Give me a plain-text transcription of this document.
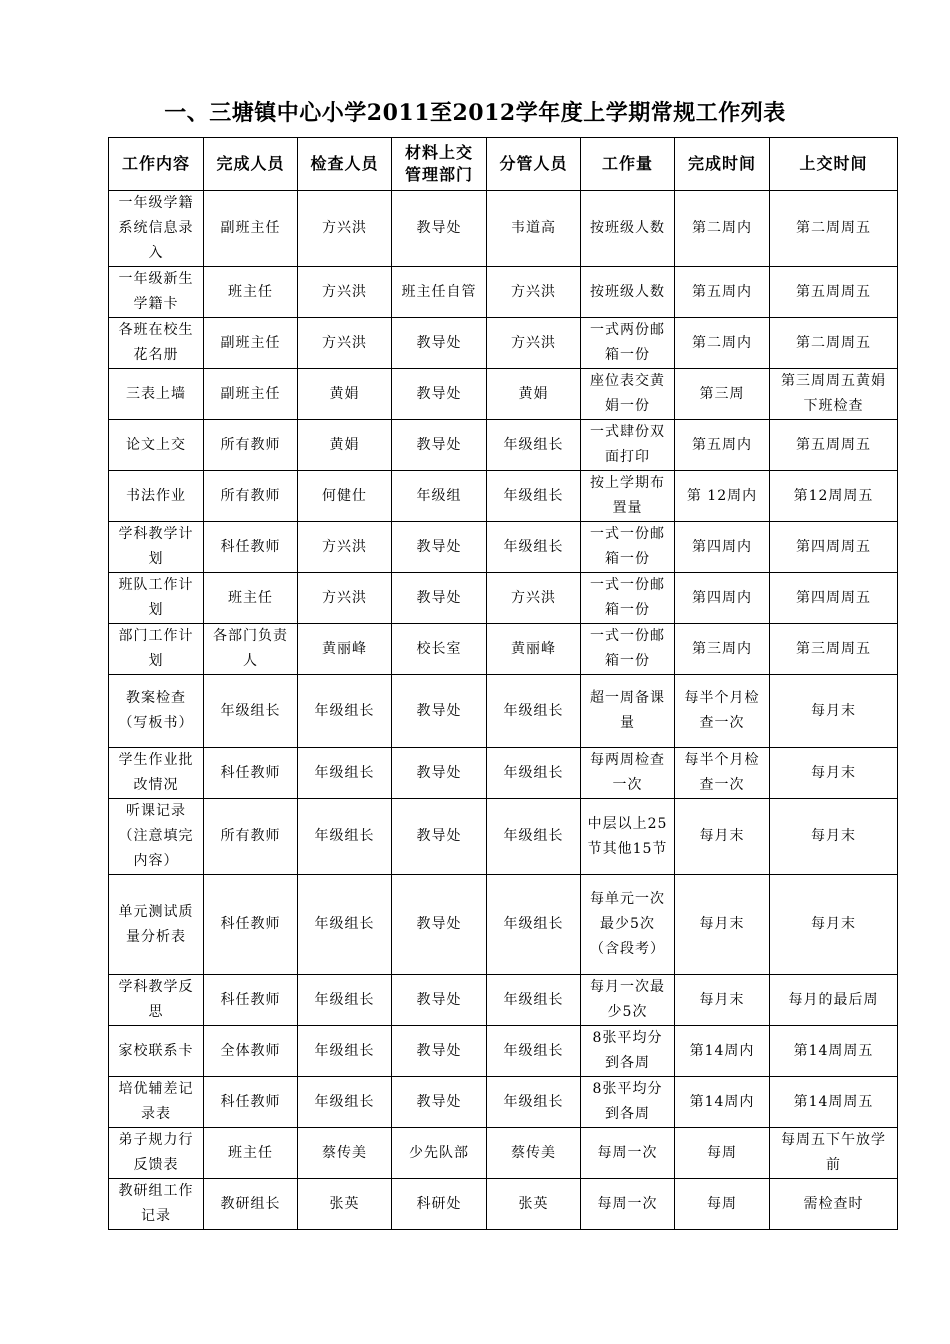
一、三塘镇中心小学2011至2012学年度上学期常规工作列表
工作内容	完成人员	检查人员	材料上交管理部门	分管人员	工作量	完成时间	上交时间
一年级学籍系统信息录入	副班主任	方兴洪	教导处	韦道高	按班级人数	第二周内	第二周周五
一年级新生学籍卡	班主任	方兴洪	班主任自管	方兴洪	按班级人数	第五周内	第五周周五
各班在校生花名册	副班主任	方兴洪	教导处	方兴洪	一式两份邮箱一份	第二周内	第二周周五
三表上墙	副班主任	黄娟	教导处	黄娟	座位表交黄娟一份	第三周	第三周周五黄娟下班检查
论文上交	所有教师	黄娟	教导处	年级组长	一式肆份双面打印	第五周内	第五周周五
书法作业	所有教师	何健仕	年级组	年级组长	按上学期布置量	第 12周内	第12周周五
学科教学计划	科任教师	方兴洪	教导处	年级组长	一式一份邮箱一份	第四周内	第四周周五
班队工作计划	班主任	方兴洪	教导处	方兴洪	一式一份邮箱一份	第四周内	第四周周五
部门工作计划	各部门负责人	黄丽峰	校长室	黄丽峰	一式一份邮箱一份	第三周内	第三周周五
教案检查（写板书）	年级组长	年级组长	教导处	年级组长	超一周备课量	每半个月检查一次	每月末
学生作业批改情况	科任教师	年级组长	教导处	年级组长	每两周检查一次	每半个月检查一次	每月末
听课记录（注意填完内容）	所有教师	年级组长	教导处	年级组长	中层以上25节其他15节	每月末	每月末
单元测试质量分析表	科任教师	年级组长	教导处	年级组长	每单元一次最少5次（含段考）	每月末	每月末
学科教学反思	科任教师	年级组长	教导处	年级组长	每月一次最少5次	每月末	每月的最后周
家校联系卡	全体教师	年级组长	教导处	年级组长	8张平均分到各周	第14周内	第14周周五
培优辅差记录表	科任教师	年级组长	教导处	年级组长	8张平均分到各周	第14周内	第14周周五
弟子规力行反馈表	班主任	蔡传美	少先队部	蔡传美	每周一次	每周	每周五下午放学前
教研组工作记录	教研组长	张英	科研处	张英	每周一次	每周	需检查时
